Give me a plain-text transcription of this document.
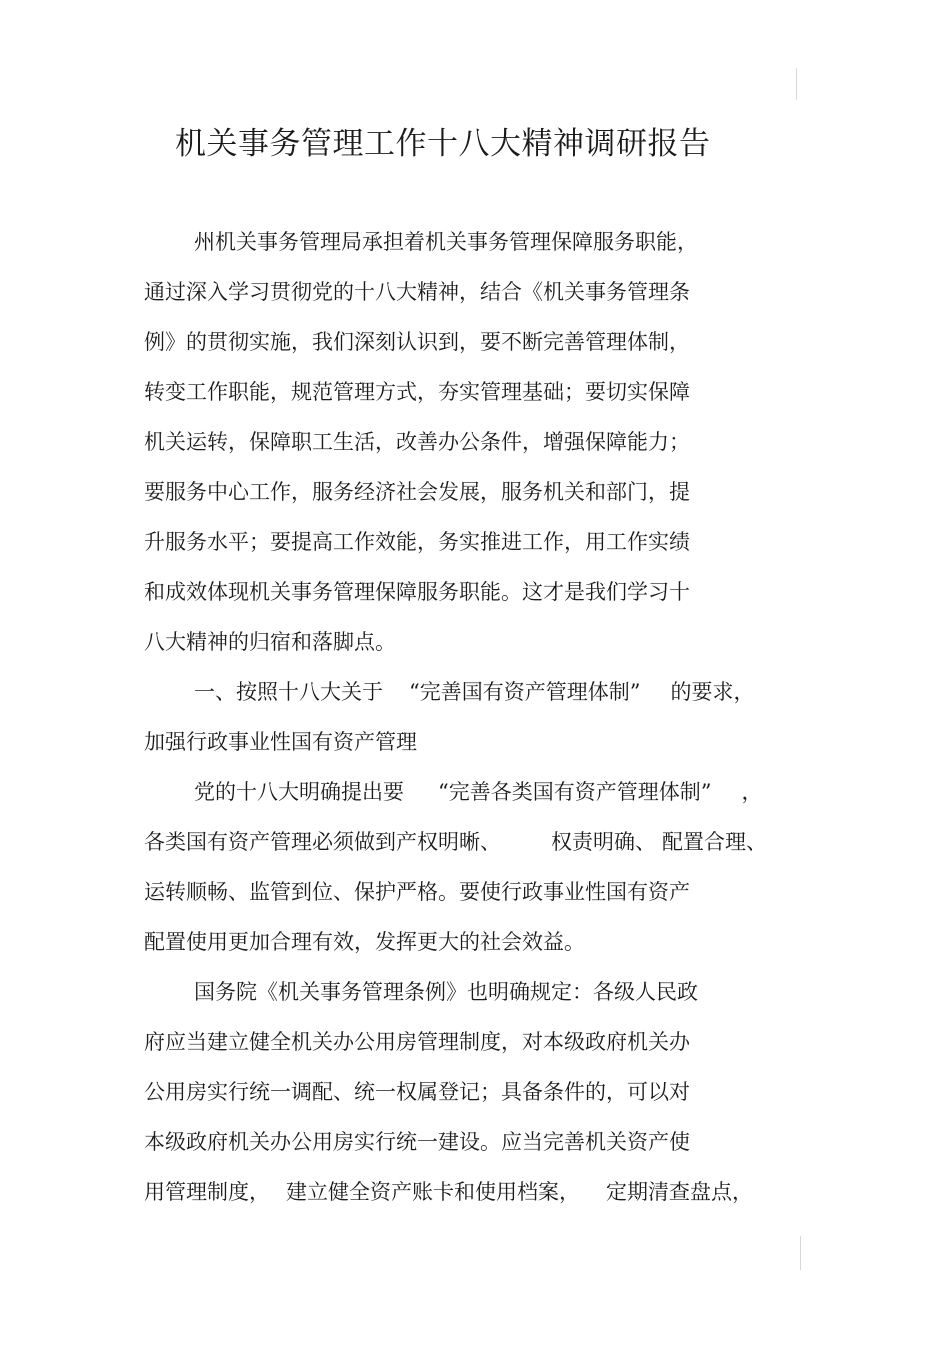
机关事务管理工作十八大精神调研报告
州机关事务管理局承担着机关事务管理保障服务职能，
通过深入学习贯彻党的十八大精神，结合《机关事务管理条
例》的贯彻实施，我们深刻认识到，要不断完善管理体制，
转变工作职能，规范管理方式，夯实管理基础；要切实保障
机关运转，保障职工生活，改善办公条件，增强保障能力；
要服务中心工作，服务经济社会发展，服务机关和部门，提
升服务水平；要提高工作效能，务实推进工作，用工作实绩
和成效体现机关事务管理保障服务职能。这才是我们学习十
八大精神的归宿和落脚点。
一、按照十八大关于 “完善国有资产管理体制” 的要求，
加强行政事业性国有资产管理
党的十八大明确提出要 “完善各类国有资产管理体制” ，
各类国有资产管理必须做到产权明晰、 权责明确、 配置合理、
运转顺畅、监管到位、保护严格。要使行政事业性国有资产
配置使用更加合理有效，发挥更大的社会效益。
国务院《机关事务管理条例》也明确规定：各级人民政
府应当建立健全机关办公用房管理制度，对本级政府机关办
公用房实行统一调配、统一权属登记；具备条件的，可以对
本级政府机关办公用房实行统一建设。应当完善机关资产使
用管理制度， 建立健全资产账卡和使用档案， 定期清查盘点，
